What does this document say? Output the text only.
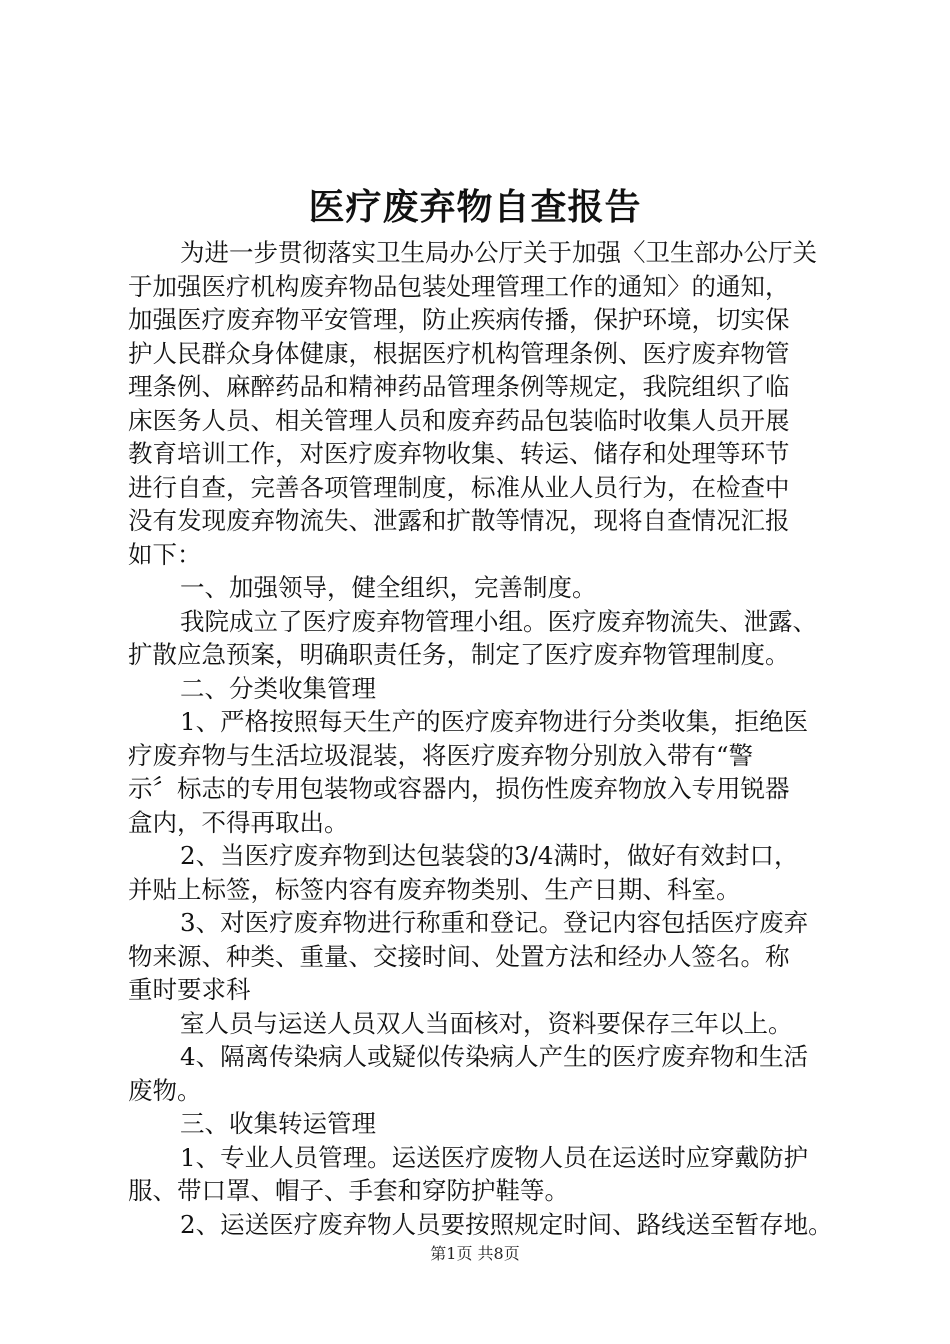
医疗废弃物自查报告
为进一步贯彻落实卫生局办公厅关于加强〈卫生部办公厅关
于加强医疗机构废弃物品包装处理管理工作的通知〉的通知，
加强医疗废弃物平安管理，防止疾病传播，保护环境，切实保
护人民群众身体健康，根据医疗机构管理条例、医疗废弃物管
理条例、麻醉药品和精神药品管理条例等规定，我院组织了临
床医务人员、相关管理人员和废弃药品包装临时收集人员开展
教育培训工作，对医疗废弃物收集、转运、储存和处理等环节
进行自查，完善各项管理制度，标准从业人员行为，在检查中
没有发现废弃物流失、泄露和扩散等情况，现将自查情况汇报
如下：
一、加强领导，健全组织，完善制度。
我院成立了医疗废弃物管理小组。医疗废弃物流失、泄露、
扩散应急预案，明确职责任务，制定了医疗废弃物管理制度。
二、分类收集管理
1、严格按照每天生产的医疗废弃物进行分类收集，拒绝医
疗废弃物与生活垃圾混装，将医疗废弃物分别放入带有“警
示〞标志的专用包装物或容器内，损伤性废弃物放入专用锐器
盒内，不得再取出。
2、当医疗废弃物到达包装袋的3/4满时，做好有效封口，
并贴上标签，标签内容有废弃物类别、生产日期、科室。
3、对医疗废弃物进行称重和登记。登记内容包括医疗废弃
物来源、种类、重量、交接时间、处置方法和经办人签名。称
重时要求科
室人员与运送人员双人当面核对，资料要保存三年以上。
4、隔离传染病人或疑似传染病人产生的医疗废弃物和生活
废物。
三、收集转运管理
1、专业人员管理。运送医疗废物人员在运送时应穿戴防护
服、带口罩、帽子、手套和穿防护鞋等。
2、运送医疗废弃物人员要按照规定时间、路线送至暂存地。
第1页 共8页
